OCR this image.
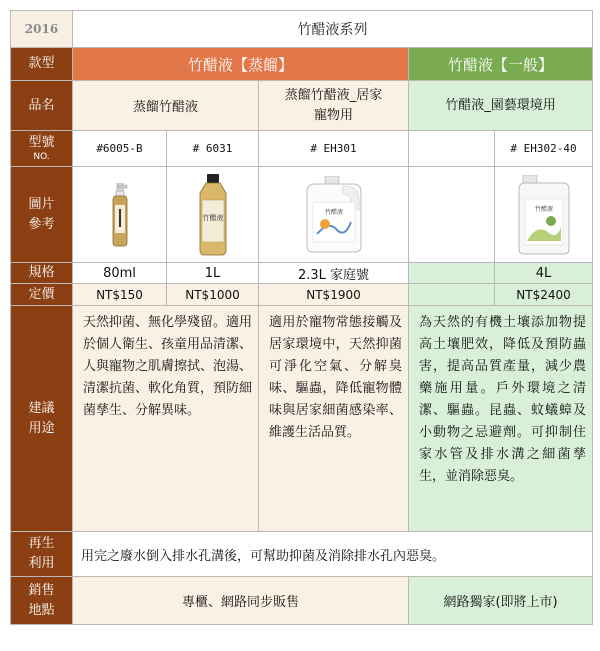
2016	竹醋液系列				
款型	竹醋液【蒸餾】			竹醋液【一般】	
品名	蒸餾竹醋液		蒸餾竹醋液_居家寵物用	竹醋液_園藝環境用	

型號
NO.	#6005-B	# 6031	# EH301		# EH302-40

圖片參考		竹醋液	竹醋液		竹醋液

規格	80ml	1L	2.3L 家庭號		4L
定價	NT$150	NT$1000	NT$1900		NT$2400

建議用途	天然抑菌、無化學殘留。適用於個人衛生、孩童用品清潔、人與寵物之肌膚擦拭、泡湯、清潔抗菌、軟化角質，預防細菌孳生、分解異味。		適用於寵物常態接觸及居家環境中，天然抑菌可淨化空氣、分解臭味、驅蟲，降低寵物體味與居家細菌感染率、維護生活品質。	為天然的有機土壤添加物提高土壤肥效，降低及預防蟲害，提高品質產量，減少農藥施用量。戶外環境之清潔、驅蟲。昆蟲、蚊蟻蟑及小動物之忌避劑。可抑制住家水管及排水溝之細菌孳生，並消除惡臭。	

再生利用	用完之廢水倒入排水孔溝後，可幫助抑菌及消除排水孔內惡臭。				

銷售地點	專櫃、網路同步販售			網路獨家(即將上市)	
